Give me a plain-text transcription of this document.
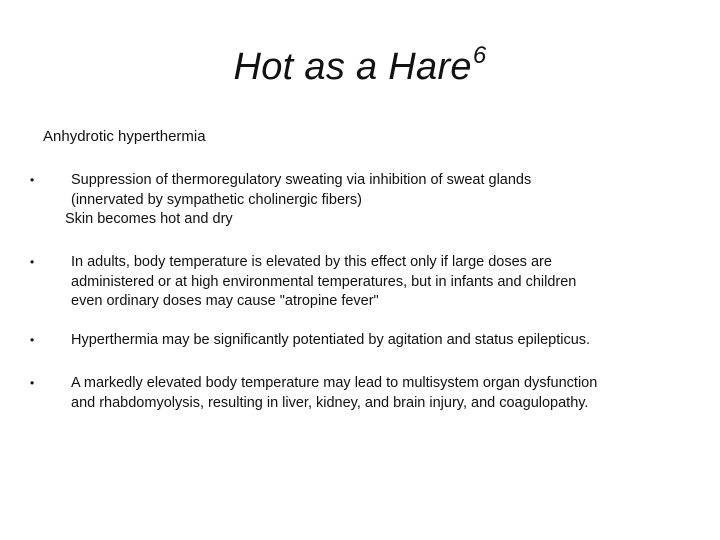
Hot as a Hare$^6$
Anhydrotic hyperthermia
•	Suppression of thermoregulatory sweating via inhibition of sweat glands
(innervated by sympathetic cholinergic fibers)
Skin becomes hot and dry
•	In adults, body temperature is elevated by this effect only if large doses are
administered or at high environmental temperatures, but in infants and children
even ordinary doses may cause "atropine fever"
•	Hyperthermia may be significantly potentiated by agitation and status epilepticus.
•	A markedly elevated body temperature may lead to multisystem organ dysfunction
and rhabdomyolysis, resulting in liver, kidney, and brain injury, and coagulopathy.
